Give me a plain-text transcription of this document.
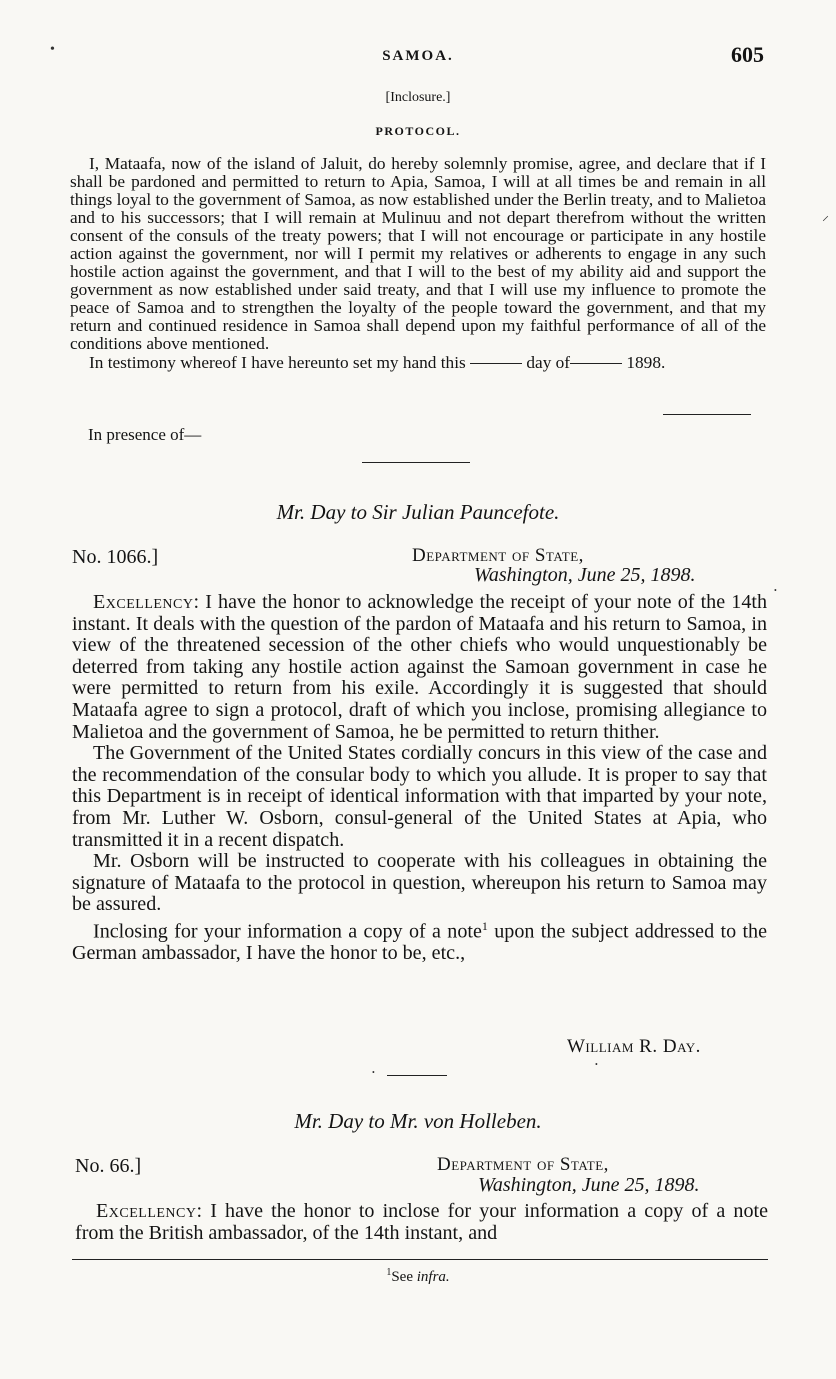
SAMOA.	605
[Inclosure.]
PROTOCOL.

I, Mataafa, now of the island of Jaluit, do hereby solemnly promise, agree, and declare that if I shall be pardoned and permitted to return to Apia, Samoa, I will at all times be and remain in all things loyal to the government of Samoa, as now established under the Berlin treaty, and to Malietoa and to his successors; that I will remain at Mulinuu and not depart therefrom without the written consent of the consuls of the treaty powers; that I will not encourage or participate in any hostile action against the government, nor will I permit my relatives or adherents to engage in any such hostile action against the government, and that I will to the best of my ability aid and support the government as now established under said treaty, and that I will use my influence to promote the peace of Samoa and to strengthen the loyalty of the people toward the government, and that my return and continued residence in Samoa shall depend upon my faithful performance of all of the conditions above mentioned.

In testimony whereof I have hereunto set my hand this	day of	1898.

In presence of—
Mr. Day to Sir Julian Pauncefote.
No. 1066.]	Department of State,
Washington, June 25, 1898.

Excellency: I have the honor to acknowledge the receipt of your note of the 14th instant. It deals with the question of the pardon of Mataafa and his return to Samoa, in view of the threatened secession of the other chiefs who would unquestionably be deterred from taking any hostile action against the Samoan government in case he were permitted to return from his exile. Accordingly it is suggested that should Mataafa agree to sign a protocol, draft of which you inclose, promising allegiance to Malietoa and the government of Samoa, he be permitted to return thither.

The Government of the United States cordially concurs in this view of the case and the recommendation of the consular body to which you allude. It is proper to say that this Department is in receipt of identical information with that imparted by your note, from Mr. Luther W. Osborn, consul-general of the United States at Apia, who transmitted it in a recent dispatch.

Mr. Osborn will be instructed to cooperate with his colleagues in obtaining the signature of Mataafa to the protocol in question, whereupon his return to Samoa may be assured.

Inclosing for your information a copy of a note$^1$ upon the subject addressed to the German ambassador, I have the honor to be, etc.,

William R. Day.
Mr. Day to Mr. von Holleben.
No. 66.]	Department of State,
Washington, June 25, 1898.

Excellency: I have the honor to inclose for your information a copy of a note from the British ambassador, of the 14th instant, and

$^1$See infra.
•
⸝
•
•
•
